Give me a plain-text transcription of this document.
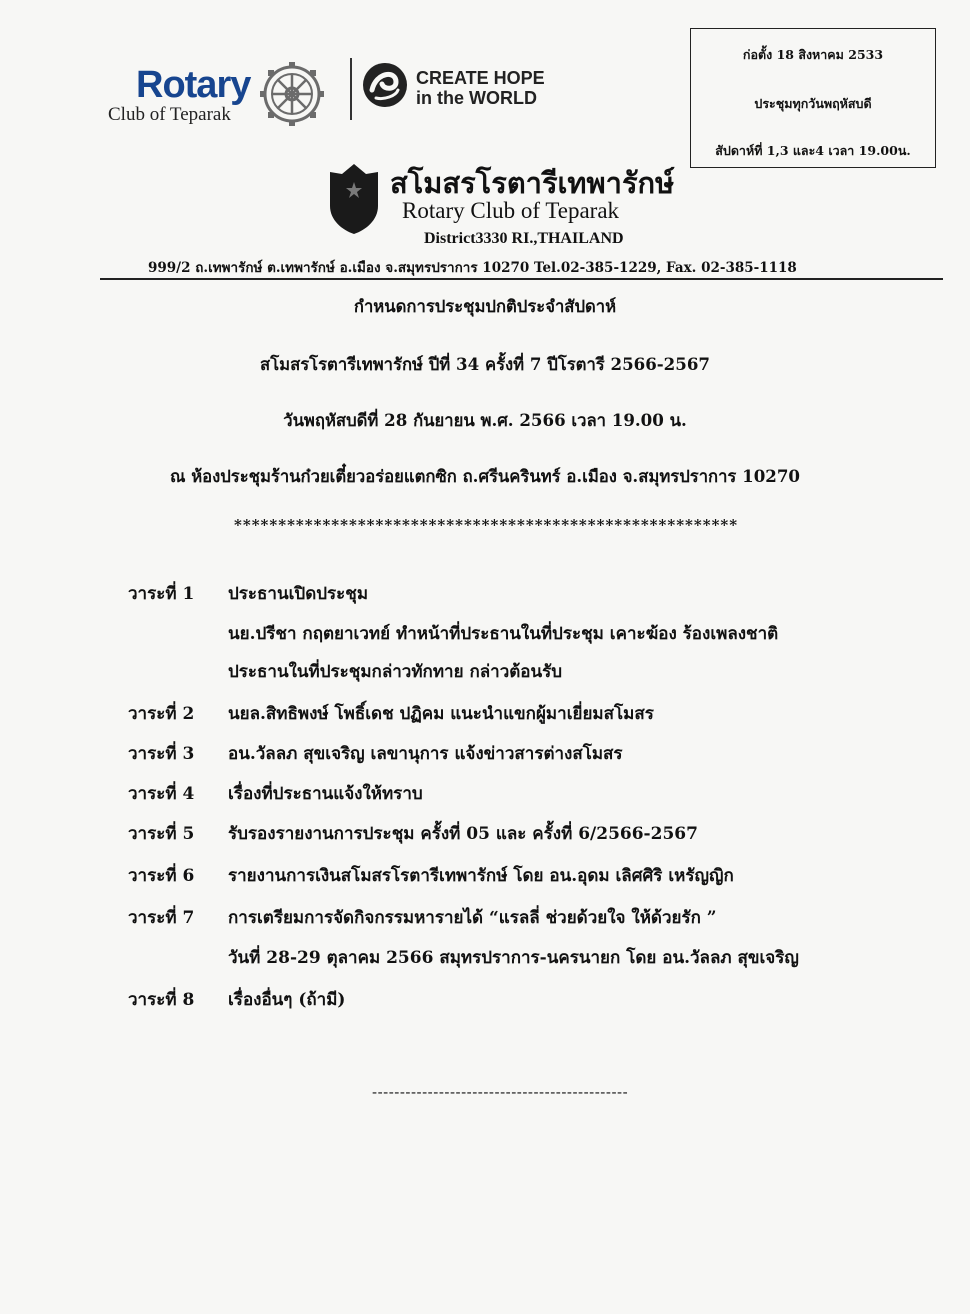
Rotary
Club of Teparak
CREATE HOPE
in the WORLD
ก่อตั้ง 18 สิงหาคม 2533
ประชุมทุกวันพฤหัสบดี
สัปดาห์ที่ 1,3 และ4 เวลา 19.00น.
สโมสรโรตารีเทพารักษ์
Rotary Club of Teparak
District3330 RI.,THAILAND
999/2 ถ.เทพารักษ์ ต.เทพารักษ์ อ.เมือง จ.สมุทรปราการ 10270 Tel.02-385-1229, Fax. 02-385-1118
กำหนดการประชุมปกติประจำสัปดาห์
สโมสรโรตารีเทพารักษ์ ปีที่ 34 ครั้งที่ 7 ปีโรตารี 2566-2567
วันพฤหัสบดีที่ 28 กันยายน พ.ศ. 2566 เวลา 19.00 น.
ณ ห้องประชุมร้านก๋วยเตี๋ยวอร่อยแตกซิก ถ.ศรีนครินทร์ อ.เมือง จ.สมุทรปราการ 10270
*********************************************************
วาระที่ 1 ประธานเปิดประชุม
นย.ปรีชา กฤตยาเวทย์ ทำหน้าที่ประธานในที่ประชุม เคาะฆ้อง ร้องเพลงชาติ
ประธานในที่ประชุมกล่าวทักทาย กล่าวต้อนรับ
วาระที่ 2 นยล.สิทธิพงษ์ โพธิ์เดช ปฏิคม แนะนำแขกผู้มาเยี่ยมสโมสร
วาระที่ 3 อน.วัลลภ สุขเจริญ เลขานุการ แจ้งข่าวสารต่างสโมสร
วาระที่ 4 เรื่องที่ประธานแจ้งให้ทราบ
วาระที่ 5 รับรองรายงานการประชุม ครั้งที่ 05 และ ครั้งที่ 6/2566-2567
วาระที่ 6 รายงานการเงินสโมสรโรตารีเทพารักษ์ โดย อน.อุดม เลิศศิริ เหรัญญิก
วาระที่ 7 การเตรียมการจัดกิจกรรมหารายได้ “แรลลี่ ช่วยด้วยใจ ให้ด้วยรัก ”
วันที่ 28-29 ตุลาคม 2566 สมุทรปราการ-นครนายก โดย อน.วัลลภ สุขเจริญ
วาระที่ 8 เรื่องอื่นๆ (ถ้ามี)
----------------------------------------------
